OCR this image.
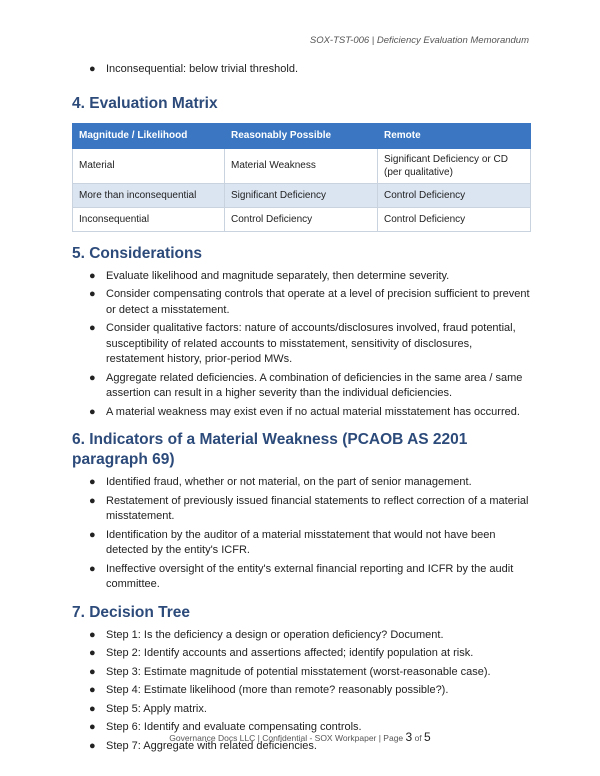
SOX-TST-006 | Deficiency Evaluation Memorandum
● Inconsequential: below trivial threshold.
4. Evaluation Matrix
Magnitude / Likelihood	Reasonably Possible	Remote
Material	Material Weakness	Significant Deficiency or CD (per qualitative)
More than inconsequential	Significant Deficiency	Control Deficiency
Inconsequential	Control Deficiency	Control Deficiency
5. Considerations
● Evaluate likelihood and magnitude separately, then determine severity.
● Consider compensating controls that operate at a level of precision sufficient to prevent or detect a misstatement.
● Consider qualitative factors: nature of accounts/disclosures involved, fraud potential, susceptibility of related accounts to misstatement, sensitivity of disclosures, restatement history, prior-period MWs.
● Aggregate related deficiencies. A combination of deficiencies in the same area / same assertion can result in a higher severity than the individual deficiencies.
● A material weakness may exist even if no actual material misstatement has occurred.
6. Indicators of a Material Weakness (PCAOB AS 2201 paragraph 69)
● Identified fraud, whether or not material, on the part of senior management.
● Restatement of previously issued financial statements to reflect correction of a material misstatement.
● Identification by the auditor of a material misstatement that would not have been detected by the entity's ICFR.
● Ineffective oversight of the entity's external financial reporting and ICFR by the audit committee.
7. Decision Tree
● Step 1: Is the deficiency a design or operation deficiency? Document.
● Step 2: Identify accounts and assertions affected; identify population at risk.
● Step 3: Estimate magnitude of potential misstatement (worst-reasonable case).
● Step 4: Estimate likelihood (more than remote? reasonably possible?).
● Step 5: Apply matrix.
● Step 6: Identify and evaluate compensating controls.
● Step 7: Aggregate with related deficiencies.
Governance Docs LLC | Confidential - SOX Workpaper | Page 3 of 5
